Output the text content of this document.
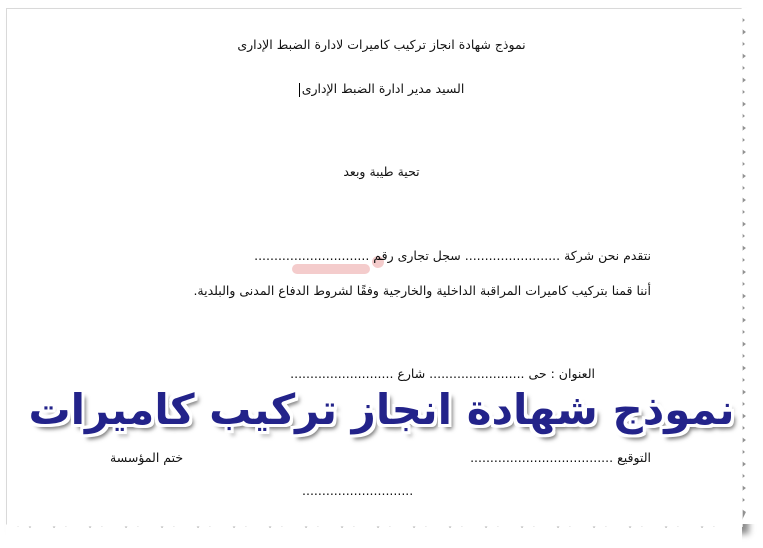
نموذج شهادة انجاز تركيب كاميرات لادارة الضبط الإدارى
السيد مدير ادارة الضبط الإدارى
تحية طيبة وبعد
نتقدم نحن شركة ........................ سجل تجارى رقم .............................
أننا قمنا بتركيب كاميرات المراقبة الداخلية والخارجية وفقًا لشروط الدفاع المدنى والبلدية.
العنوان : حى ........................ شارع ..........................
نموذج شهادة انجاز تركيب كاميرات
التوقيع ....................................
ختم المؤسسة
............................
